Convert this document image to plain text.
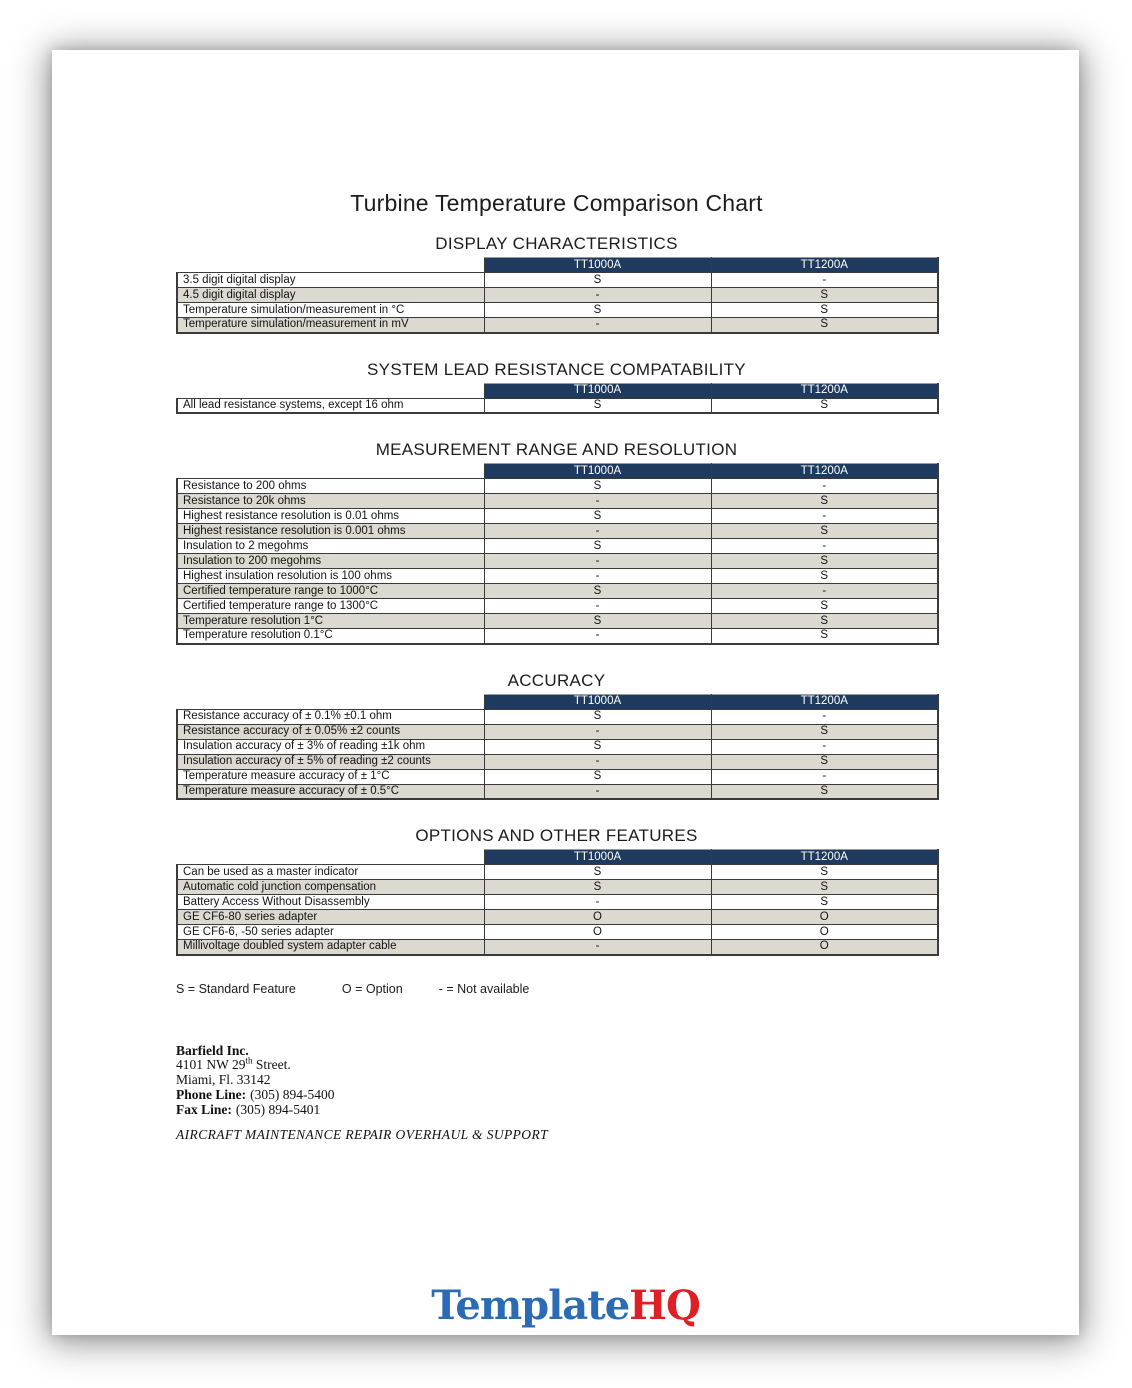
Turbine Temperature Comparison Chart
DISPLAY CHARACTERISTICS
	TT1000A	TT1200A
3.5 digit digital display	S	-
4.5 digit digital display	-	S
Temperature simulation/measurement in °C	S	S
Temperature simulation/measurement in mV	-	S
SYSTEM LEAD RESISTANCE COMPATABILITY
	TT1000A	TT1200A
All lead resistance systems, except 16 ohm	S	S
MEASUREMENT RANGE AND RESOLUTION
	TT1000A	TT1200A
Resistance to 200 ohms	S	-
Resistance to 20k ohms	-	S
Highest resistance resolution is 0.01 ohms	S	-
Highest resistance resolution is 0.001 ohms	-	S
Insulation to 2 megohms	S	-
Insulation to 200 megohms	-	S
Highest insulation resolution is 100 ohms	-	S
Certified temperature range to 1000°C	S	-
Certified temperature range to 1300°C	-	S
Temperature resolution 1°C	S	S
Temperature resolution 0.1°C	-	S
ACCURACY
	TT1000A	TT1200A
Resistance accuracy of ± 0.1% ±0.1 ohm	S	-
Resistance accuracy of ± 0.05% ±2 counts	-	S
Insulation accuracy of ± 3% of reading ±1k ohm	S	-
Insulation accuracy of ± 5% of reading ±2 counts	-	S
Temperature measure accuracy of ± 1°C	S	-
Temperature measure accuracy of ± 0.5°C	-	S
OPTIONS AND OTHER FEATURES
	TT1000A	TT1200A
Can be used as a master indicator	S	S
Automatic cold junction compensation	S	S
Battery Access Without Disassembly	-	S
GE CF6-80 series adapter	O	O
GE CF6-6, -50 series adapter	O	O
Millivoltage doubled system adapter cable	-	O
S = Standard Feature	O = Option	- = Not available
Barfield Inc.
4101 NW 29th Street.
Miami, Fl. 33142
Phone Line: (305) 894-5400
Fax Line: (305) 894-5401
AIRCRAFT MAINTENANCE REPAIR OVERHAUL & SUPPORT
TemplateHQ
